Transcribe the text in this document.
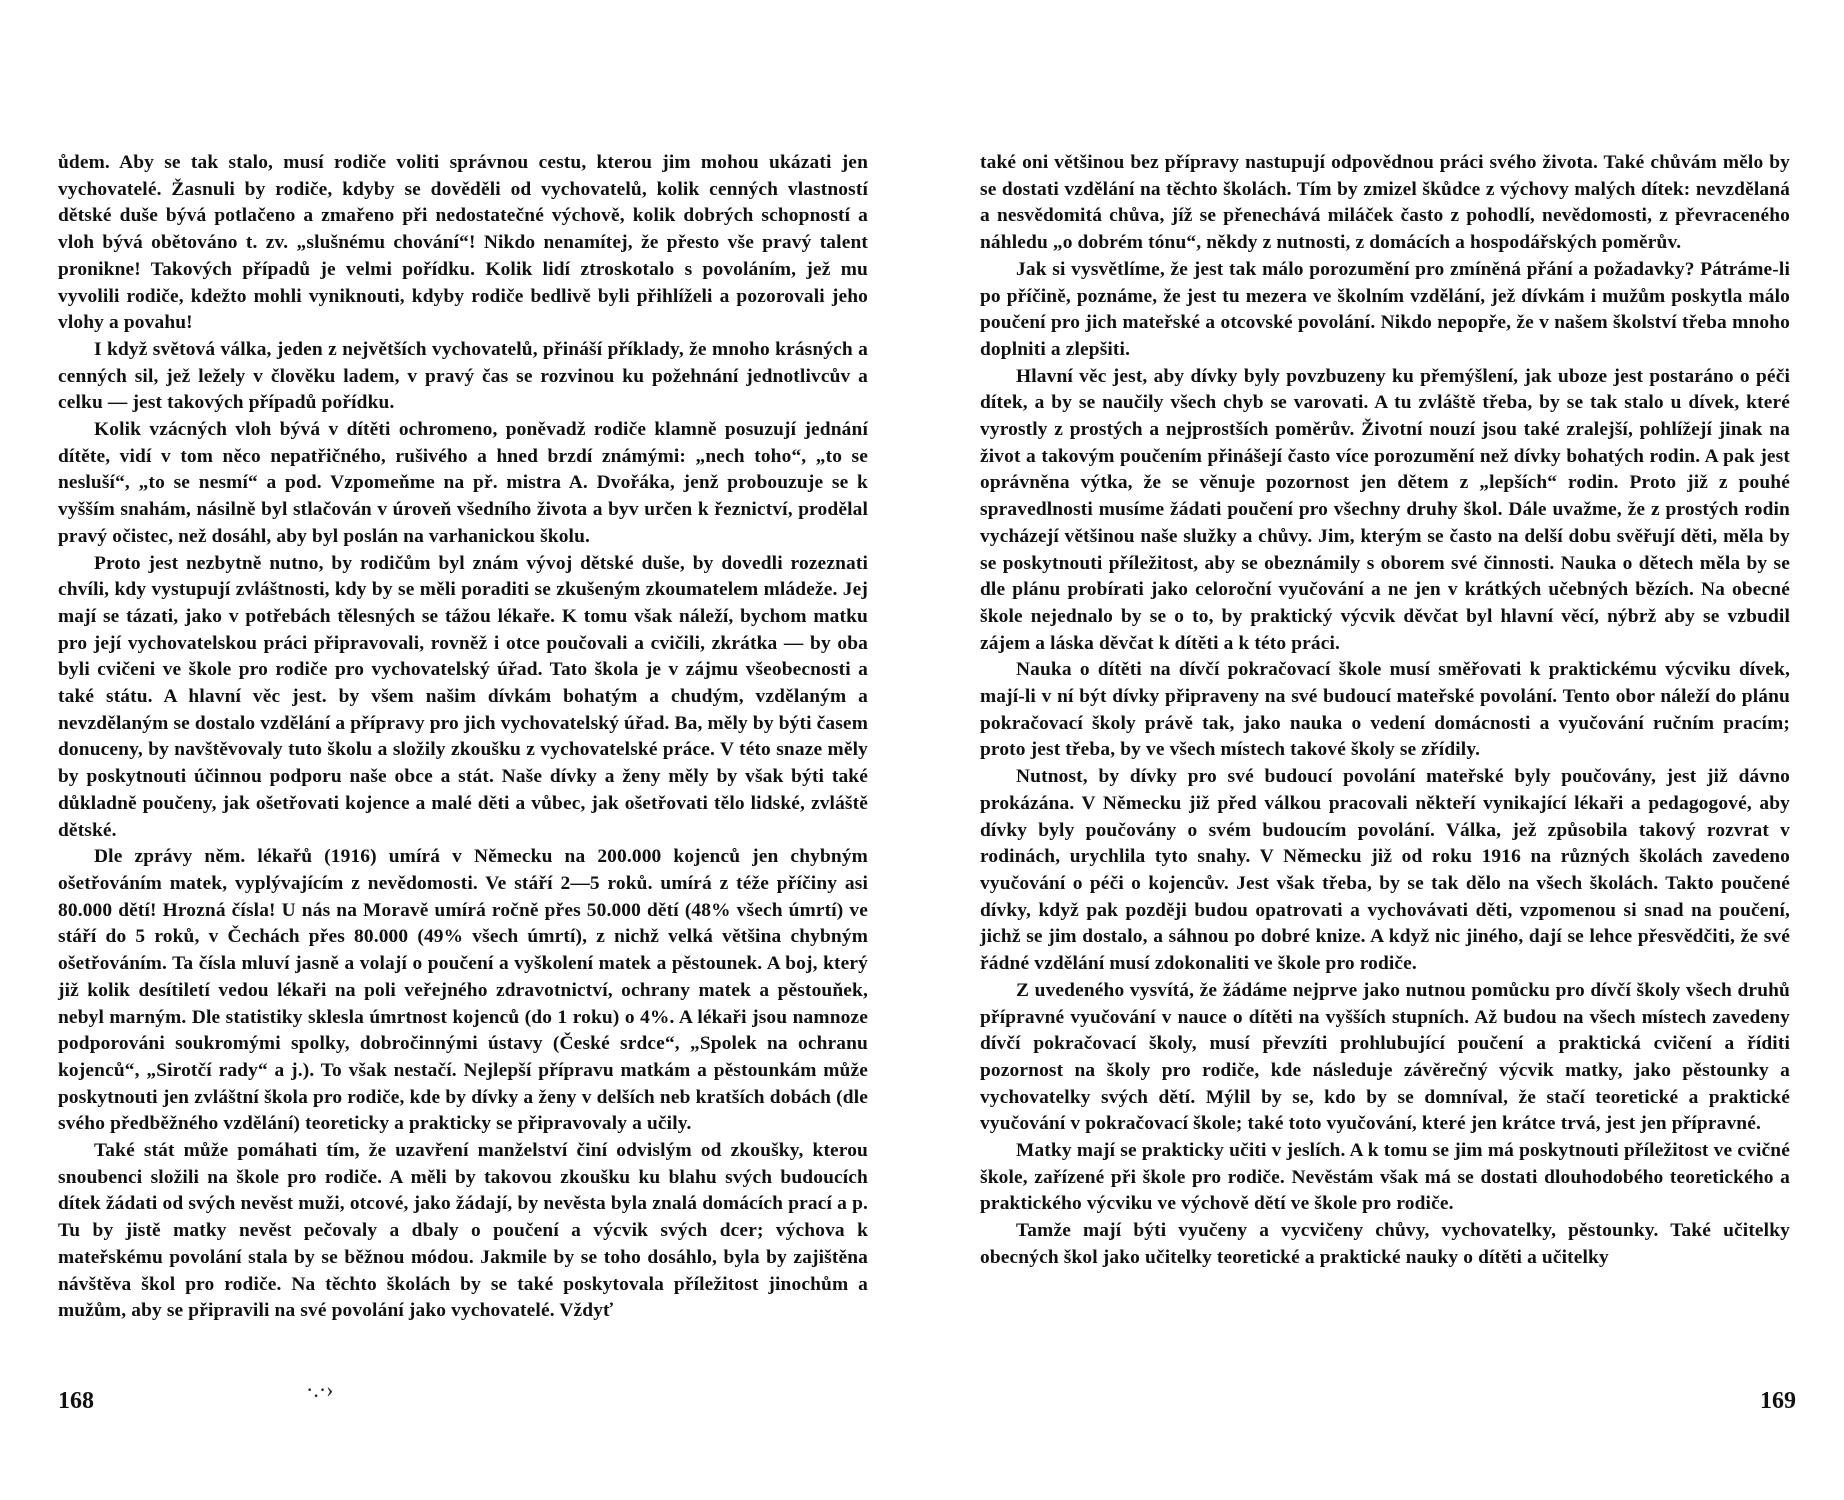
ůdem. Aby se tak stalo, musí rodiče voliti správnou cestu, kterou jim mohou ukázati jen vychovatelé. Žasnuli by rodiče, kdyby se dověděli od vychovatelů, kolik cenných vlastností dětské duše bývá potlačeno a zmařeno při nedostatečné výchově, kolik dobrých schopností a vloh bývá obětováno t. zv. „slušnému chování“! Nikdo nenamítej, že přesto vše pravý talent pronikne! Takových případů je velmi pořídku. Kolik lidí ztroskotalo s povoláním, jež mu vyvolili rodiče, kdežto mohli vyniknouti, kdyby rodiče bedlivě byli přihlíželi a pozorovali jeho vlohy a povahu!

I když světová válka, jeden z největších vychovatelů, přináší příklady, že mnoho krásných a cenných sil, jež ležely v člověku ladem, v pravý čas se rozvinou ku požehnání jednotlivcův a celku — jest takových případů pořídku.

Kolik vzácných vloh bývá v dítěti ochromeno, poněvadž rodiče klamně posuzují jednání dítěte, vidí v tom něco nepatřičného, rušivého a hned brzdí známými: „nech toho“, „to se nesluší“, „to se nesmí“ a pod. Vzpomeňme na př. mistra A. Dvořáka, jenž probouzuje se k vyšším snahám, násilně byl stlačován v úroveň všedního života a byv určen k řeznictví, prodělal pravý očistec, než dosáhl, aby byl poslán na varhanickou školu.

Proto jest nezbytně nutno, by rodičům byl znám vývoj dětské duše, by dovedli rozeznati chvíli, kdy vystupují zvláštnosti, kdy by se měli poraditi se zkušeným zkoumatelem mládeže. Jej mají se tázati, jako v potřebách tělesných se tážou lékaře. K tomu však náleží, bychom matku pro její vychovatelskou práci připravovali, rovněž i otce poučovali a cvičili, zkrátka — by oba byli cvičeni ve škole pro rodiče pro vychovatelský úřad. Tato škola je v zájmu všeobecnosti a také státu. A hlavní věc jest. by všem našim dívkám bohatým a chudým, vzdělaným a nevzdělaným se dostalo vzdělání a přípravy pro jich vychovatelský úřad. Ba, měly by býti časem donuceny, by navštěvovaly tuto školu a složily zkoušku z vychovatelské práce. V této snaze měly by poskytnouti účinnou podporu naše obce a stát. Naše dívky a ženy měly by však býti také důkladně poučeny, jak ošetřovati kojence a malé děti a vůbec, jak ošetřovati tělo lidské, zvláště dětské.

Dle zprávy něm. lékařů (1916) umírá v Německu na 200.000 kojenců jen chybným ošetřováním matek, vyplývajícím z nevědomosti. Ve stáří 2—5 roků. umírá z téže příčiny asi 80.000 dětí! Hrozná čísla! U nás na Moravě umírá ročně přes 50.000 dětí (48% všech úmrtí) ve stáří do 5 roků, v Čechách přes 80.000 (49% všech úmrtí), z nichž velká většina chybným ošetřováním. Ta čísla mluví jasně a volají o poučení a vyškolení matek a pěstounek. A boj, který již kolik desítiletí vedou lékaři na poli veřejného zdravotnictví, ochrany matek a pěstouňek, nebyl marným. Dle statistiky sklesla úmrtnost kojenců (do 1 roku) o 4%. A lékaři jsou namnoze podporováni soukromými spolky, dobročinnými ústavy (České srdce“, „Spolek na ochranu kojenců“, „Sirotčí rady“ a j.). To však nestačí. Nejlepší přípravu matkám a pěstounkám může poskytnouti jen zvláštní škola pro rodiče, kde by dívky a ženy v delších neb kratších dobách (dle svého předběžného vzdělání) teoreticky a prakticky se připravovaly a učily.

Také stát může pomáhati tím, že uzavření manželství činí odvislým od zkoušky, kterou snoubenci složili na škole pro rodiče. A měli by takovou zkoušku ku blahu svých budoucích dítek žádati od svých nevěst muži, otcové, jako žádají, by nevěsta byla znalá domácích prací a p. Tu by jistě matky nevěst pečovaly a dbaly o poučení a výcvik svých dcer; výchova k mateřskému povolání stala by se běžnou módou. Jakmile by se toho dosáhlo, byla by zajištěna návštěva škol pro rodiče. Na těchto školách by se také poskytovala příležitost jinochům a mužům, aby se připravili na své povolání jako vychovatelé. Vždyť

168	·.·›

také oni většinou bez přípravy nastupují odpovědnou práci svého života. Také chůvám mělo by se dostati vzdělání na těchto školách. Tím by zmizel škůdce z výchovy malých dítek: nevzdělaná a nesvědomitá chůva, jíž se přenechává miláček často z pohodlí, nevědomosti, z převraceného náhledu „o dobrém tónu“, někdy z nutnosti, z domácích a hospodářských poměrův.

Jak si vysvětlíme, že jest tak málo porozumění pro zmíněná přání a požadavky? Pátráme-li po příčině, poznáme, že jest tu mezera ve školním vzdělání, jež dívkám i mužům poskytla málo poučení pro jich mateřské a otcovské povolání. Nikdo nepopře, že v našem školství třeba mnoho doplniti a zlepšiti.

Hlavní věc jest, aby dívky byly povzbuzeny ku přemýšlení, jak uboze jest postaráno o péči dítek, a by se naučily všech chyb se varovati. A tu zvláště třeba, by se tak stalo u dívek, které vyrostly z prostých a nejprostších poměrův. Životní nouzí jsou také zralejší, pohlížejí jinak na život a takovým poučením přinášejí často více porozumění než dívky bohatých rodin. A pak jest oprávněna výtka, že se věnuje pozornost jen dětem z „lepších“ rodin. Proto již z pouhé spravedlnosti musíme žádati poučení pro všechny druhy škol. Dále uvažme, že z prostých rodin vycházejí většinou naše služky a chůvy. Jim, kterým se často na delší dobu svěřují děti, měla by se poskytnouti příležitost, aby se obeznámily s oborem své činnosti. Nauka o dětech měla by se dle plánu probírati jako celoroční vyučování a ne jen v krátkých učebných bězích. Na obecné škole nejednalo by se o to, by praktický výcvik děvčat byl hlavní věcí, nýbrž aby se vzbudil zájem a láska děvčat k dítěti a k této práci.

Nauka o dítěti na dívčí pokračovací škole musí směřovati k praktickému výcviku dívek, mají-li v ní být dívky připraveny na své budoucí mateřské povolání. Tento obor náleží do plánu pokračovací školy právě tak, jako nauka o vedení domácnosti a vyučování ručním pracím; proto jest třeba, by ve všech místech takové školy se zřídily.

Nutnost, by dívky pro své budoucí povolání mateřské byly poučovány, jest již dávno prokázána. V Německu již před válkou pracovali někteří vynikající lékaři a pedagogové, aby dívky byly poučovány o svém budoucím povolání. Válka, jež způsobila takový rozvrat v rodinách, urychlila tyto snahy. V Německu již od roku 1916 na různých školách zavedeno vyučování o péči o kojencův. Jest však třeba, by se tak dělo na všech školách. Takto poučené dívky, když pak později budou opatrovati a vychovávati děti, vzpomenou si snad na poučení, jichž se jim dostalo, a sáhnou po dobré knize. A když nic jiného, dají se lehce přesvědčiti, že své řádné vzdělání musí zdokonaliti ve škole pro rodiče.

Z uvedeného vysvítá, že žádáme nejprve jako nutnou pomůcku pro dívčí školy všech druhů přípravné vyučování v nauce o dítěti na vyšších stupních. Až budou na všech místech zavedeny dívčí pokračovací školy, musí převzíti prohlubující poučení a praktická cvičení a říditi pozornost na školy pro rodiče, kde následuje závěrečný výcvik matky, jako pěstounky a vychovatelky svých dětí. Mýlil by se, kdo by se domníval, že stačí teoretické a praktické vyučování v pokračovací škole; také toto vyučování, které jen krátce trvá, jest jen přípravné.

Matky mají se prakticky učiti v jeslích. A k tomu se jim má poskytnouti příležitost ve cvičné škole, zařízené při škole pro rodiče. Nevěstám však má se dostati dlouhodobého teoretického a praktického výcviku ve výchově dětí ve škole pro rodiče.

Tamže mají býti vyučeny a vycvičeny chůvy, vychovatelky, pěstounky. Také učitelky obecných škol jako učitelky teoretické a praktické nauky o dítěti a učitelky

169
